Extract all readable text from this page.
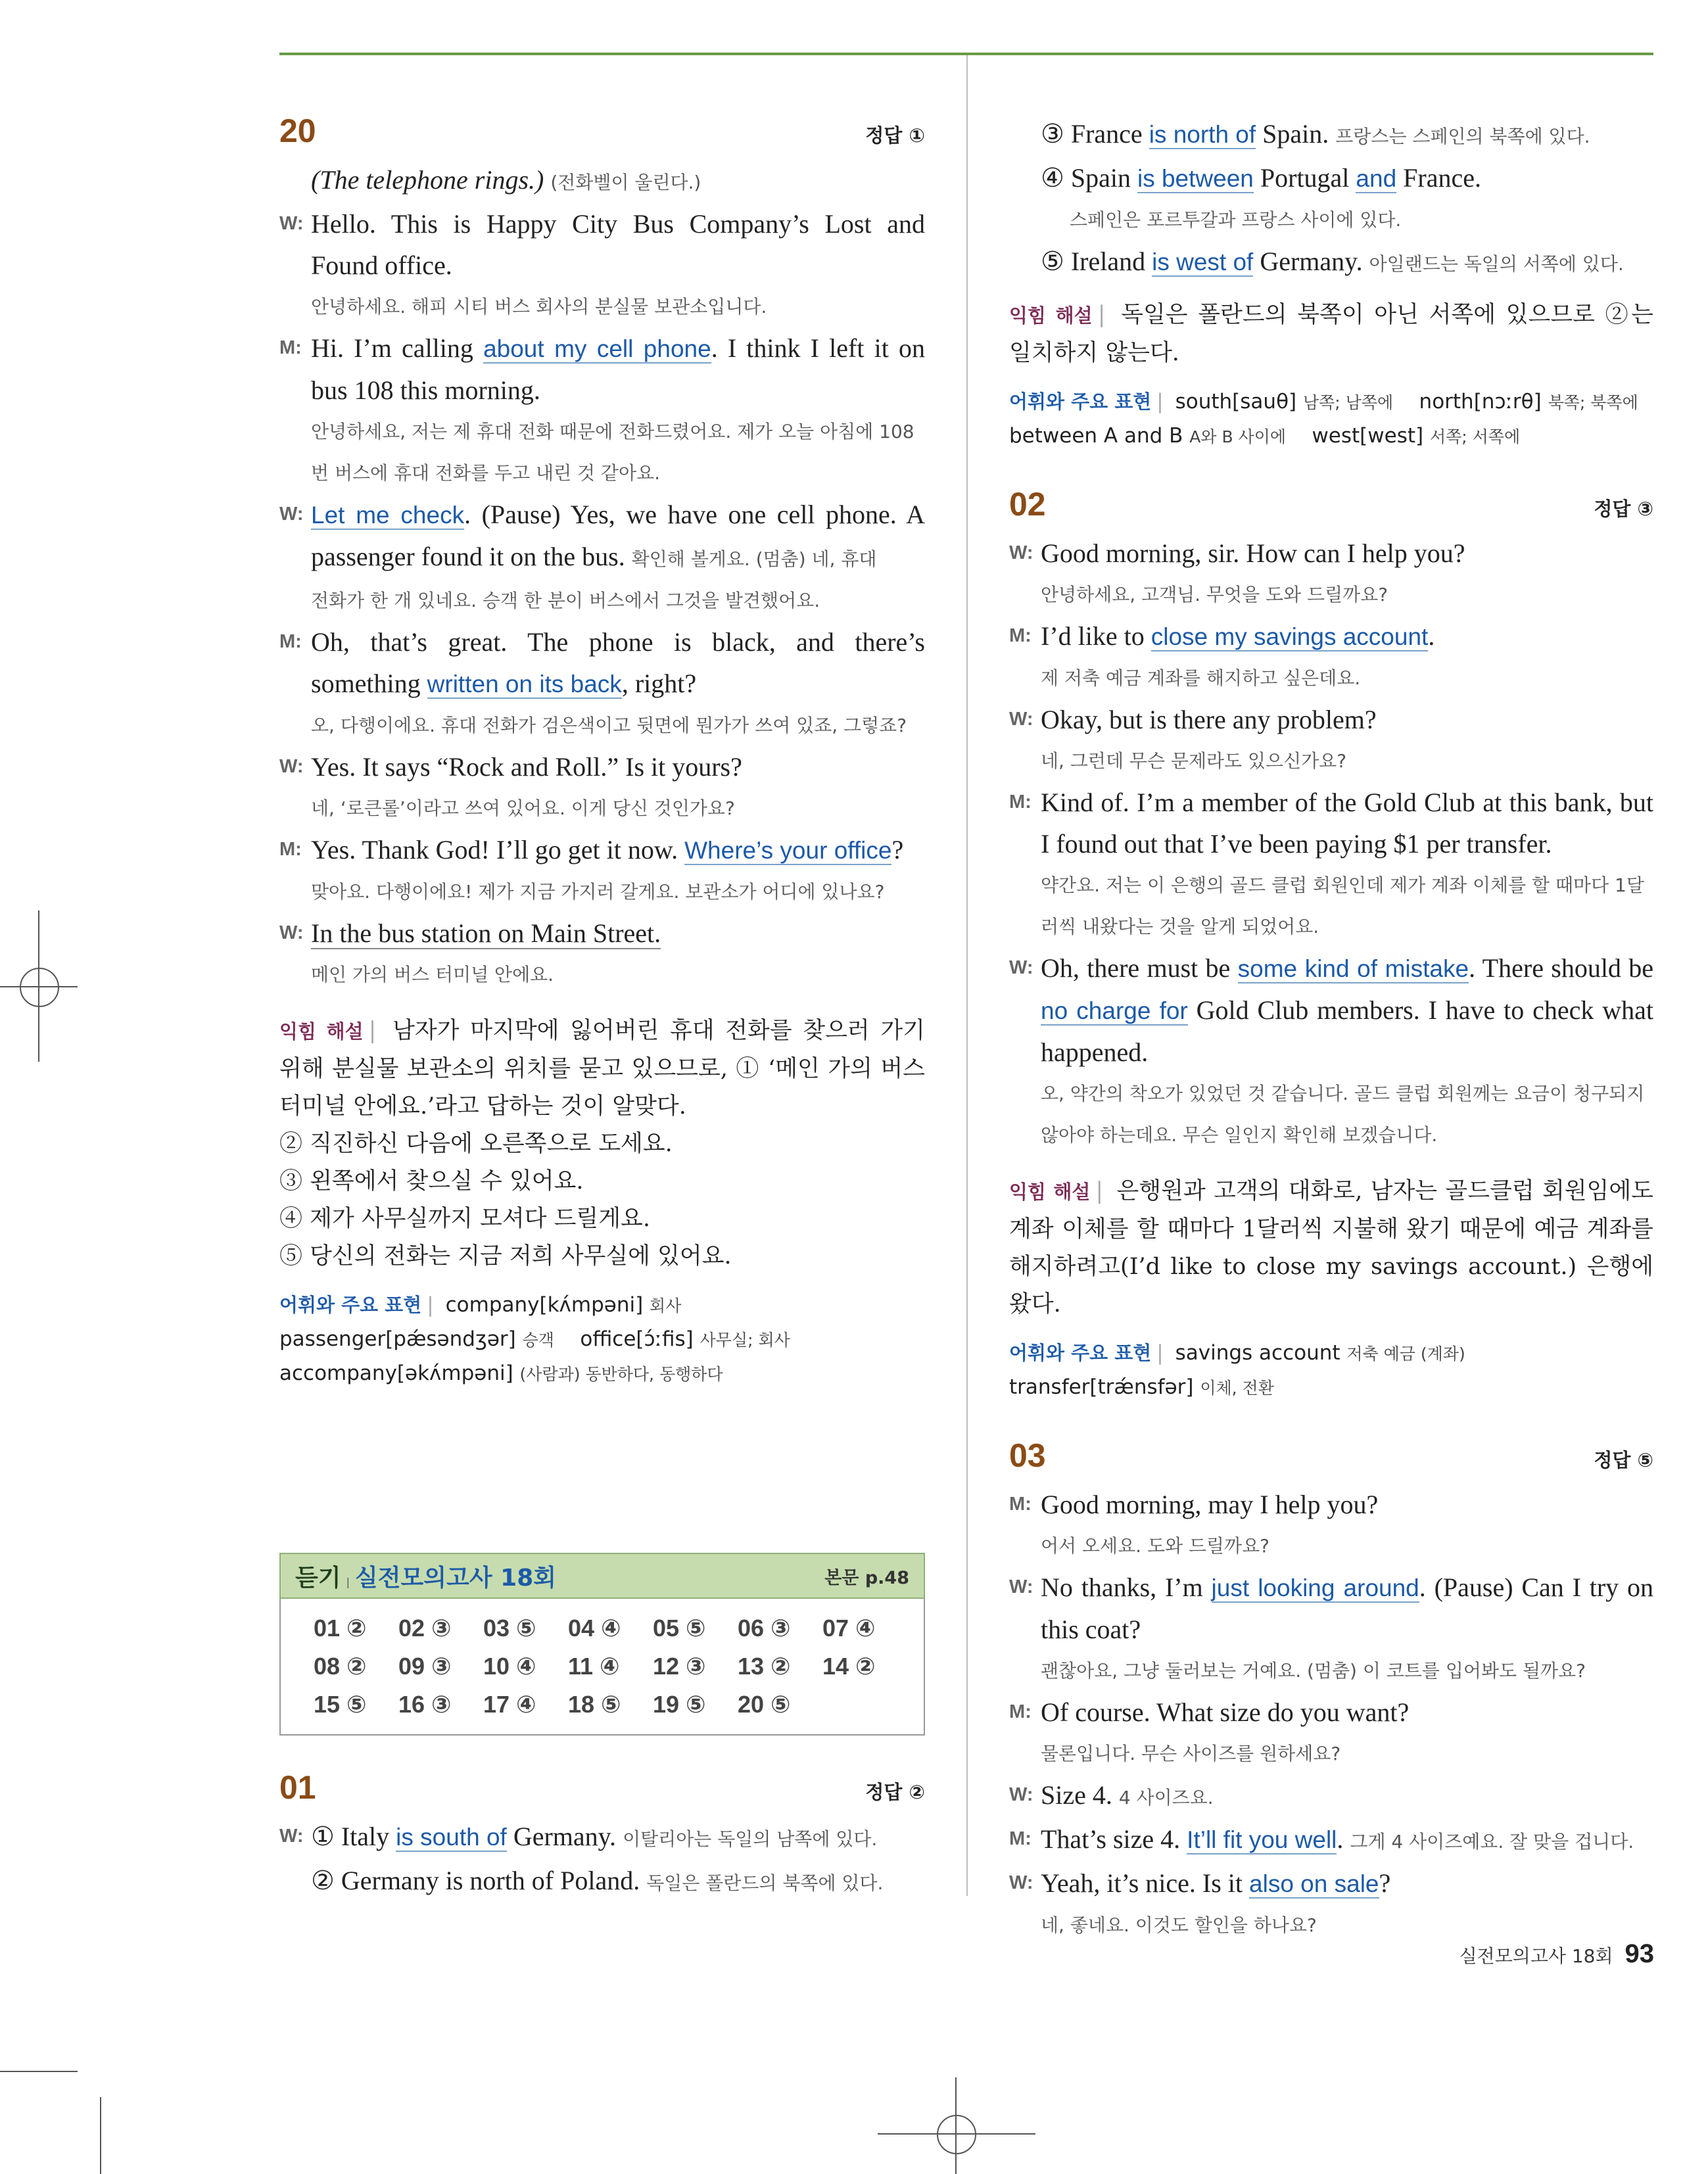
20	정답 ①
(The telephone rings.) (전화벨이 울린다.)
W: Hello. This is Happy City Bus Company’s Lost and Found office.
안녕하세요. 해피 시티 버스 회사의 분실물 보관소입니다.
M: Hi. I’m calling about my cell phone. I think I left it on bus 108 this morning.
안녕하세요, 저는 제 휴대 전화 때문에 전화드렸어요. 제가 오늘 아침에 108번 버스에 휴대 전화를 두고 내린 것 같아요.
W: Let me check. (Pause) Yes, we have one cell phone. A passenger found it on the bus. 확인해 볼게요. (멈춤) 네, 휴대
전화가 한 개 있네요. 승객 한 분이 버스에서 그것을 발견했어요.
M: Oh, that’s great. The phone is black, and there’s something written on its back, right?
오, 다행이에요. 휴대 전화가 검은색이고 뒷면에 뭔가가 쓰여 있죠, 그렇죠?
W: Yes. It says “Rock and Roll.” Is it yours?
네, ‘로큰롤’이라고 쓰여 있어요. 이게 당신 것인가요?
M: Yes. Thank God! I’ll go get it now. Where’s your office?
맞아요. 다행이에요! 제가 지금 가지러 갈게요. 보관소가 어디에 있나요?
W: In the bus station on Main Street.
메인 가의 버스 터미널 안에요.
익힘 해설 | 남자가 마지막에 잃어버린 휴대 전화를 찾으러 가기 위해 분실물 보관소의 위치를 묻고 있으므로, ① ‘메인 가의 버스 터미널 안에요.’라고 답하는 것이 알맞다.
② 직진하신 다음에 오른쪽으로 도세요.
③ 왼쪽에서 찾으실 수 있어요.
④ 제가 사무실까지 모셔다 드릴게요.
⑤ 당신의 전화는 지금 저희 사무실에 있어요.
어휘와 주요 표현 | company[kʌ́mpəni] 회사
passenger[pǽsəndʒər] 승객 office[ɔ́ːfis] 사무실; 회사
accompany[əkʌ́mpəni] (사람과) 동반하다, 동행하다
듣기 | 실전모의고사 18회	본문 p.48
01 ②	02 ③	03 ⑤	04 ④	05 ⑤	06 ③	07 ④
08 ②	09 ③	10 ④	11 ④	12 ③	13 ②	14 ②
15 ⑤	16 ③	17 ④	18 ⑤	19 ⑤	20 ⑤
01	정답 ②
W: ① Italy is south of Germany. 이탈리아는 독일의 남쪽에 있다.
② Germany is north of Poland. 독일은 폴란드의 북쪽에 있다.
③ France is north of Spain. 프랑스는 스페인의 북쪽에 있다.
④ Spain is between Portugal and France.
스페인은 포르투갈과 프랑스 사이에 있다.
⑤ Ireland is west of Germany. 아일랜드는 독일의 서쪽에 있다.
익힘 해설 | 독일은 폴란드의 북쪽이 아닌 서쪽에 있으므로 ②는 일치하지 않는다.
어휘와 주요 표현 | south[sauθ] 남쪽; 남쪽에 north[nɔːrθ] 북쪽; 북쪽에
between A and B A와 B 사이에 west[west] 서쪽; 서쪽에
02	정답 ③
W: Good morning, sir. How can I help you?
안녕하세요, 고객님. 무엇을 도와 드릴까요?
M: I’d like to close my savings account.
제 저축 예금 계좌를 해지하고 싶은데요.
W: Okay, but is there any problem?
네, 그런데 무슨 문제라도 있으신가요?
M: Kind of. I’m a member of the Gold Club at this bank, but I found out that I’ve been paying $1 per transfer.
약간요. 저는 이 은행의 골드 클럽 회원인데 제가 계좌 이체를 할 때마다 1달러씩 내왔다는 것을 알게 되었어요.
W: Oh, there must be some kind of mistake. There should be no charge for Gold Club members. I have to check what happened.
오, 약간의 착오가 있었던 것 같습니다. 골드 클럽 회원께는 요금이 청구되지 않아야 하는데요. 무슨 일인지 확인해 보겠습니다.
익힘 해설 | 은행원과 고객의 대화로, 남자는 골드클럽 회원임에도 계좌 이체를 할 때마다 1달러씩 지불해 왔기 때문에 예금 계좌를 해지하려고(I’d like to close my savings account.) 은행에 왔다.
어휘와 주요 표현 | savings account 저축 예금 (계좌)
transfer[trǽnsfər] 이체, 전환
03	정답 ⑤
M: Good morning, may I help you?
어서 오세요. 도와 드릴까요?
W: No thanks, I’m just looking around. (Pause) Can I try on this coat?
괜찮아요, 그냥 둘러보는 거예요. (멈춤) 이 코트를 입어봐도 될까요?
M: Of course. What size do you want?
물론입니다. 무슨 사이즈를 원하세요?
W: Size 4. 4 사이즈요.
M: That’s size 4. It’ll fit you well. 그게 4 사이즈예요. 잘 맞을 겁니다.
W: Yeah, it’s nice. Is it also on sale?
네, 좋네요. 이것도 할인을 하나요?
실전모의고사 18회 93
